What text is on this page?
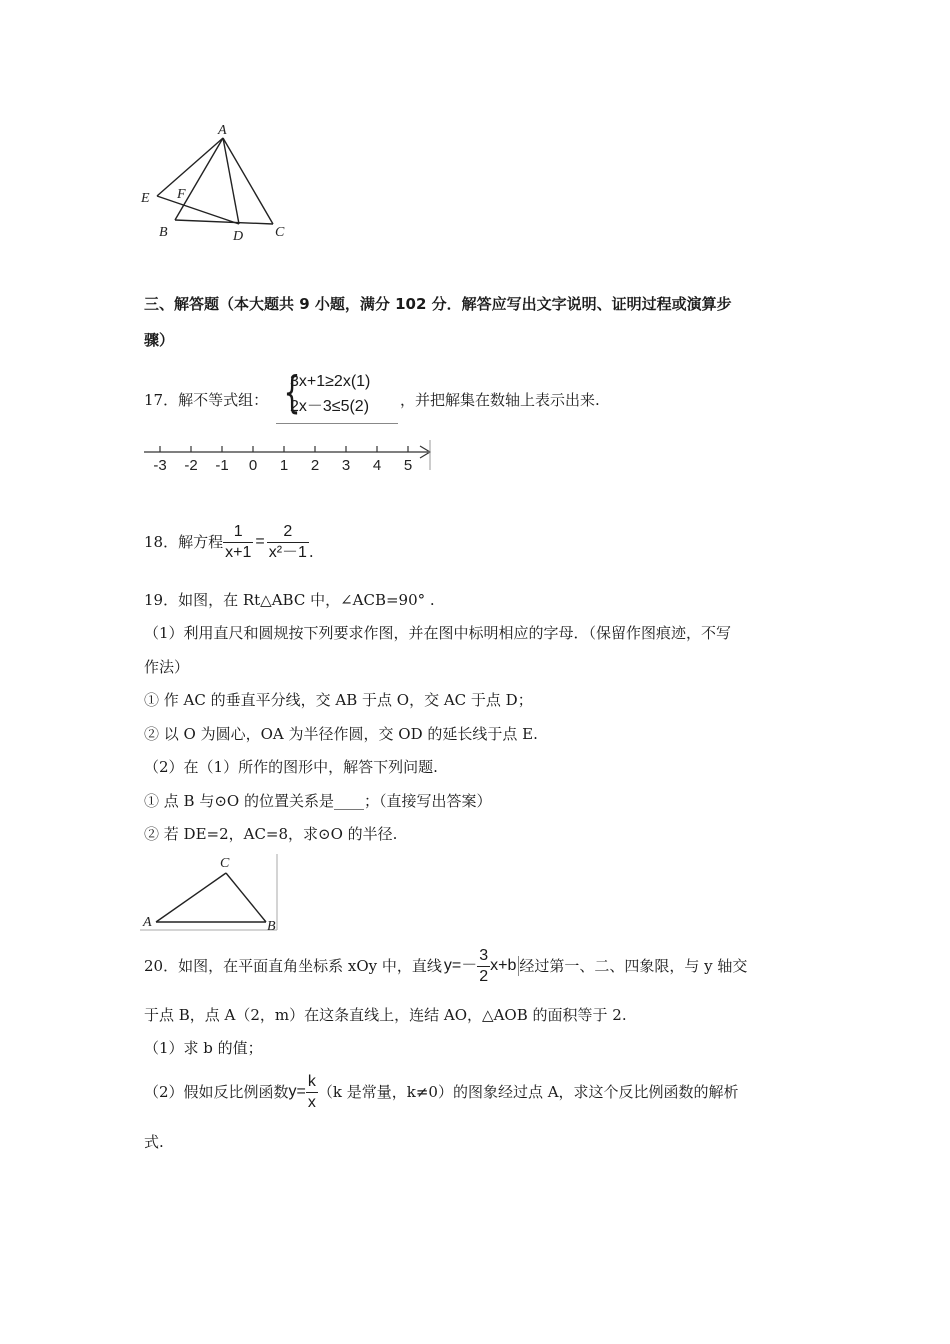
A
E F
B	D C
三、解答题（本大题共 9 小题，满分 102 分．解答应写出文字说明、证明过程或演算步
骤）
17．解不等式组： {
3x+1≥2x(1)
2x－3≤5(2) ，并把解集在数轴上表示出来.
-3 -2 -1 0 1 2 3 4 5
18．解方程 $\frac{1}{x+1} = \frac{2}{\text{x²－1}}$ .
19．如图，在 Rt△ABC 中，∠ACB=90° .
（1）利用直尺和圆规按下列要求作图，并在图中标明相应的字母．（保留作图痕迹，不写
作法）
① 作 AC 的垂直平分线，交 AB 于点 O，交 AC 于点 D；
② 以 O 为圆心，OA 为半径作圆，交 OD 的延长线于点 E.
（2）在（1）所作的图形中，解答下列问题.
① 点 B 与⊙O 的位置关系是____；（直接写出答案）
② 若 DE=2，AC=8，求⊙O 的半径.
C
A	B
20．如图，在平面直角坐标系 xOy 中，直线 $y=- \frac{3}{2} x+b$ 经过第一、二、四象限，与 y 轴交
于点 B，点 A（2，m）在这条直线上，连结 AO，△AOB 的面积等于 2.
（1）求 b 的值；
（2）假如反比例函数 $y= \frac{k}{x} (k$ 是常量，k≠0）的图象经过点 A，求这个反比例函数的解析
式.
